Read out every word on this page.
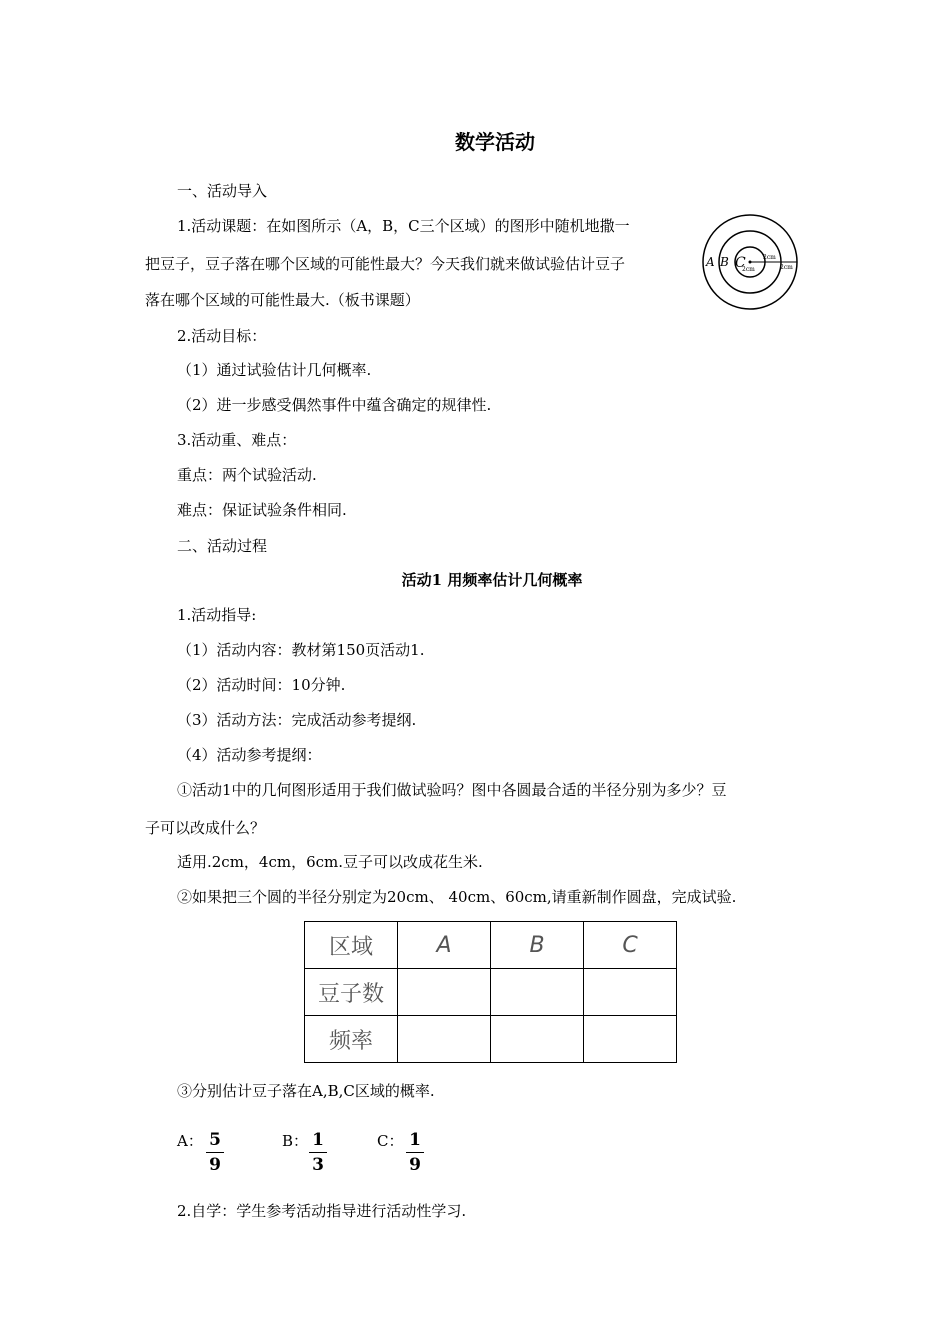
数学活动
一、活动导入
1.活动课题：在如图所示（A，B，C三个区域）的图形中随机地撒一
把豆子，豆子落在哪个区域的可能性最大？今天我们就来做试验估计豆子
落在哪个区域的可能性最大.（板书课题）
A B C	2cm
2cm	2cm
2.活动目标：
（1）通过试验估计几何概率.
（2）进一步感受偶然事件中蕴含确定的规律性.
3.活动重、难点：
重点：两个试验活动.
难点：保证试验条件相同.
二、活动过程
活动1 用频率估计几何概率
1.活动指导:
（1）活动内容：教材第150页活动1.
（2）活动时间：10分钟.
（3）活动方法：完成活动参考提纲.
（4）活动参考提纲：
①活动1中的几何图形适用于我们做试验吗？图中各圆最合适的半径分别为多少？豆
子可以改成什么？
适用.2cm，4cm，6cm.豆子可以改成花生米.
②如果把三个圆的半径分别定为20cm、 40cm、60cm,请重新制作圆盘，完成试验.
区域	A	B	C
豆子数			
频率			
③分别估计豆子落在A,B,C区域的概率.
A： 5
9
B： 1
3
C： 1
9
2.自学：学生参考活动指导进行活动性学习.
